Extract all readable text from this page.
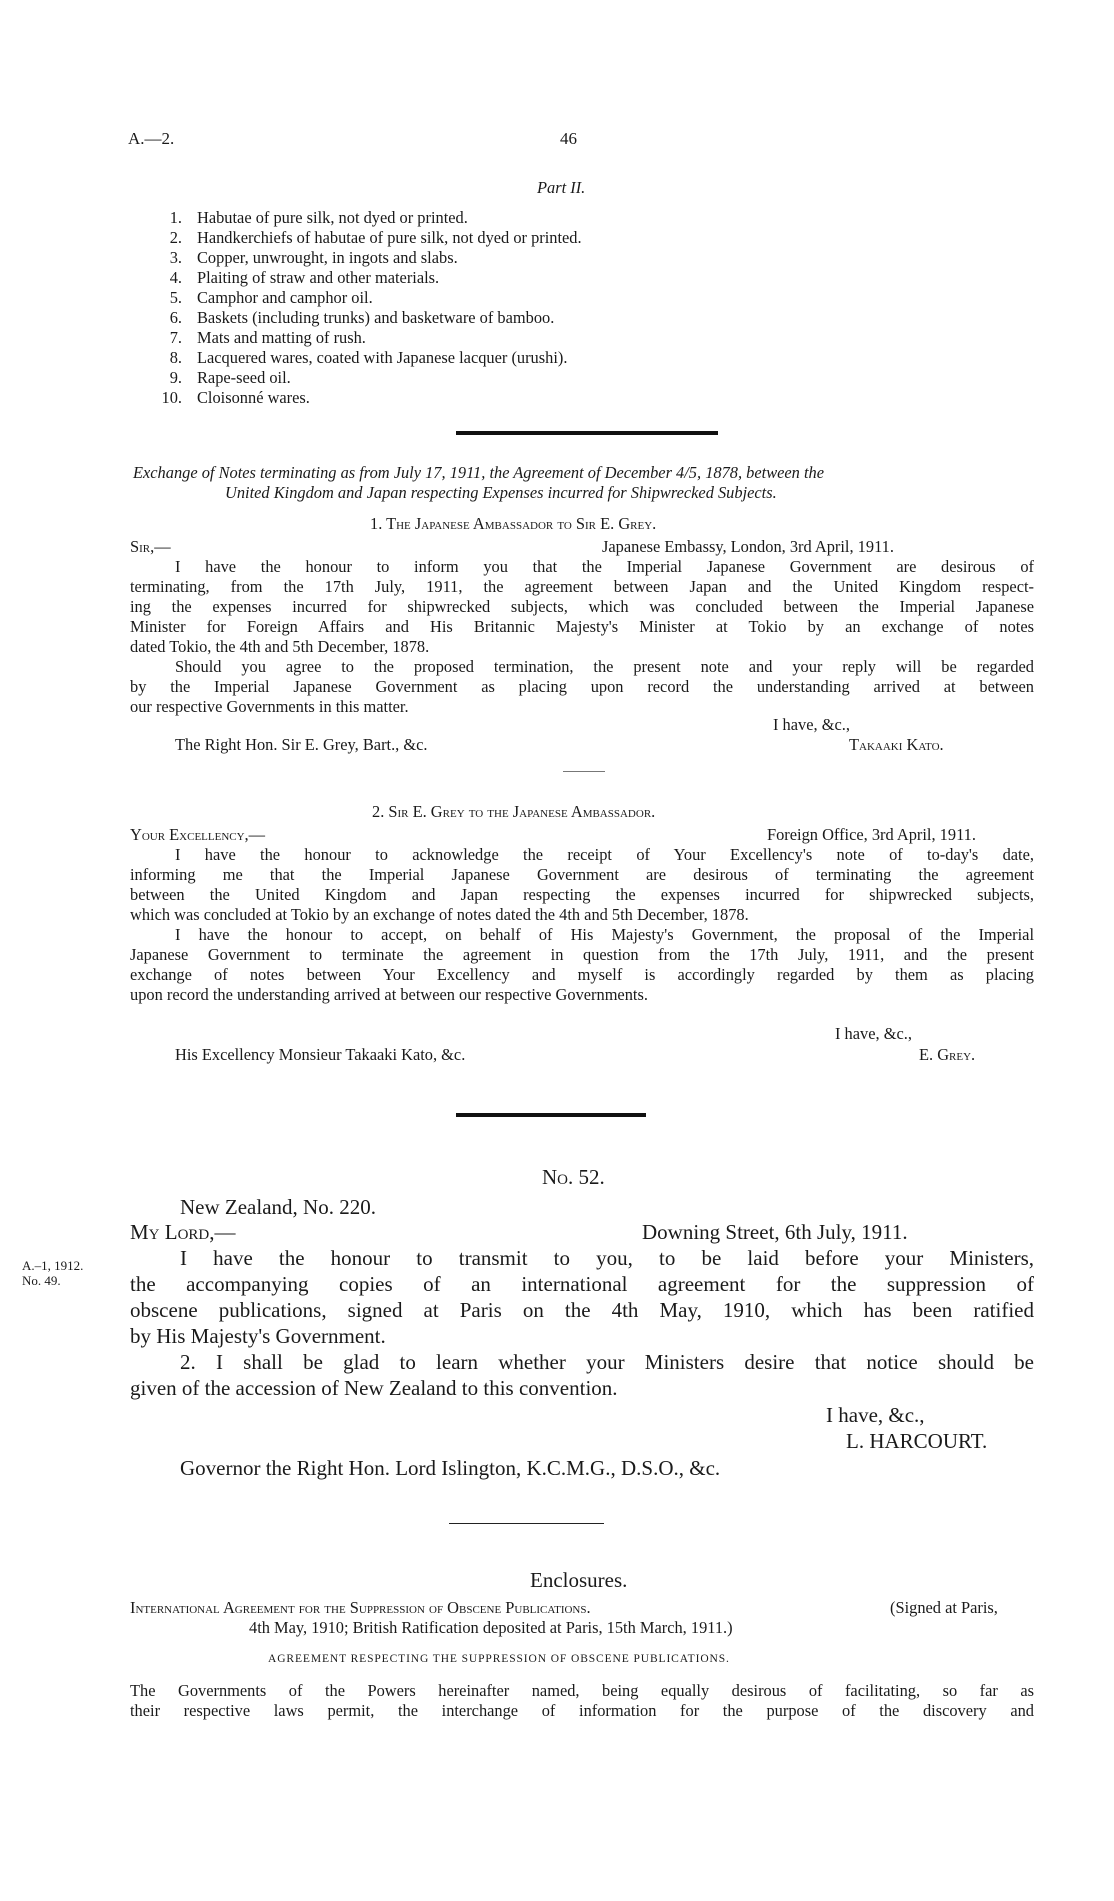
A.—2.	46
Part II.
1. Habutae of pure silk, not dyed or printed.
2. Handkerchiefs of habutae of pure silk, not dyed or printed.
3. Copper, unwrought, in ingots and slabs.
4. Plaiting of straw and other materials.
5. Camphor and camphor oil.
6. Baskets (including trunks) and basketware of bamboo.
7. Mats and matting of rush.
8. Lacquered wares, coated with Japanese lacquer (urushi).
9. Rape-seed oil.
10. Cloisonné wares.
Exchange of Notes terminating as from July 17, 1911, the Agreement of December 4/5, 1878, between the
United Kingdom and Japan respecting Expenses incurred for Shipwrecked Subjects.
1. The Japanese Ambassador to Sir E. Grey.
Sir,—	Japanese Embassy, London, 3rd April, 1911.
I have the honour to inform you that the Imperial Japanese Government are desirous of
terminating, from the 17th July, 1911, the agreement between Japan and the United Kingdom respect-
ing the expenses incurred for shipwrecked subjects, which was concluded between the Imperial Japanese
Minister for Foreign Affairs and His Britannic Majesty's Minister at Tokio by an exchange of notes
dated Tokio, the 4th and 5th December, 1878.
Should you agree to the proposed termination, the present note and your reply will be regarded
by the Imperial Japanese Government as placing upon record the understanding arrived at between
our respective Governments in this matter.
I have, &c.,
The Right Hon. Sir E. Grey, Bart., &c.	Takaaki Kato.
2. Sir E. Grey to the Japanese Ambassador.
Your Excellency,—	Foreign Office, 3rd April, 1911.
I have the honour to acknowledge the receipt of Your Excellency's note of to-day's date,
informing me that the Imperial Japanese Government are desirous of terminating the agreement
between the United Kingdom and Japan respecting the expenses incurred for shipwrecked subjects,
which was concluded at Tokio by an exchange of notes dated the 4th and 5th December, 1878.
I have the honour to accept, on behalf of His Majesty's Government, the proposal of the Imperial
Japanese Government to terminate the agreement in question from the 17th July, 1911, and the present
exchange of notes between Your Excellency and myself is accordingly regarded by them as placing
upon record the understanding arrived at between our respective Governments.
I have, &c.,
His Excellency Monsieur Takaaki Kato, &c.	E. Grey.
No. 52.
New Zealand, No. 220.
My Lord,—	Downing Street, 6th July, 1911.
A.–1, 1912.
No. 49.
I have the honour to transmit to you, to be laid before your Ministers,
the accompanying copies of an international agreement for the suppression of
obscene publications, signed at Paris on the 4th May, 1910, which has been ratified
by His Majesty's Government.
2. I shall be glad to learn whether your Ministers desire that notice should be
given of the accession of New Zealand to this convention.
I have, &c.,
L. HARCOURT.
Governor the Right Hon. Lord Islington, K.C.M.G., D.S.O., &c.
Enclosures.
International Agreement for the Suppression of Obscene Publications.	(Signed at Paris,
4th May, 1910; British Ratification deposited at Paris, 15th March, 1911.)
AGREEMENT RESPECTING THE SUPPRESSION OF OBSCENE PUBLICATIONS.
The Governments of the Powers hereinafter named, being equally desirous of facilitating, so far as
their respective laws permit, the interchange of information for the purpose of the discovery and
